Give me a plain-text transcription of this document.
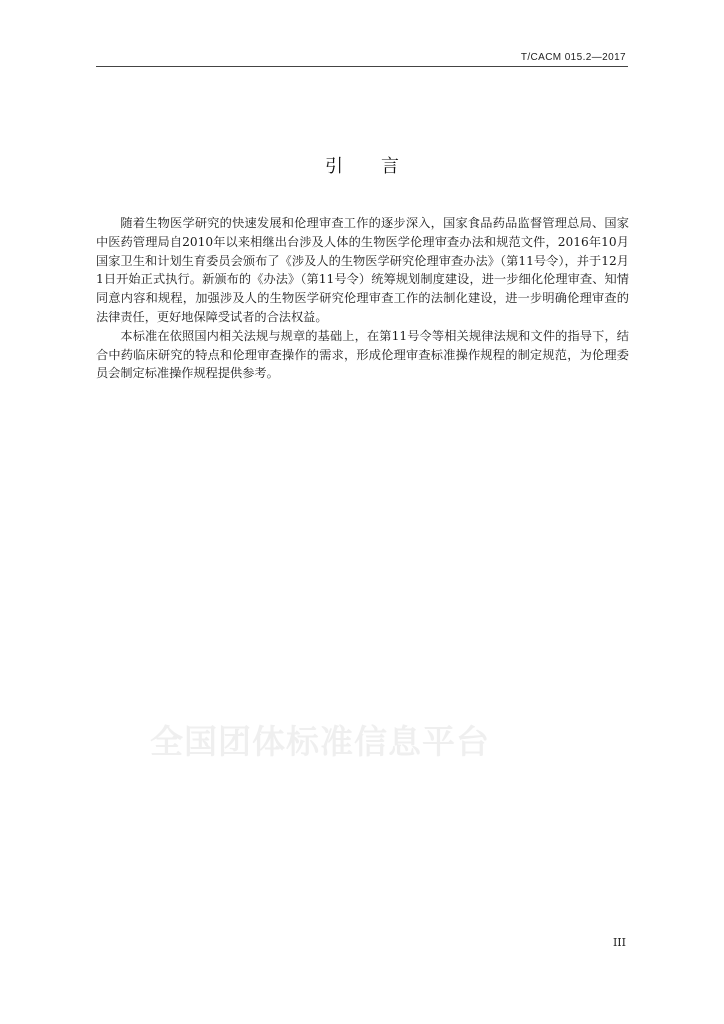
T/CACM 015.2—2017
引 言

随着生物医学研究的快速发展和伦理审查工作的逐步深入，国家食品药品监督管理总局、国家中医药管理局自2010年以来相继出台涉及人体的生物医学伦理审查办法和规范文件，2016年10月国家卫生和计划生育委员会颁布了《涉及人的生物医学研究伦理审查办法》（第11号令），并于12月1日开始正式执行。新颁布的《办法》（第11号令）统筹规划制度建设，进一步细化伦理审查、知情同意内容和规程，加强涉及人的生物医学研究伦理审查工作的法制化建设，进一步明确伦理审查的法律责任，更好地保障受试者的合法权益。

本标准在依照国内相关法规与规章的基础上，在第11号令等相关规律法规和文件的指导下，结合中药临床研究的特点和伦理审查操作的需求，形成伦理审查标准操作规程的制定规范，为伦理委员会制定标准操作规程提供参考。

全国团体标准信息平台
III
